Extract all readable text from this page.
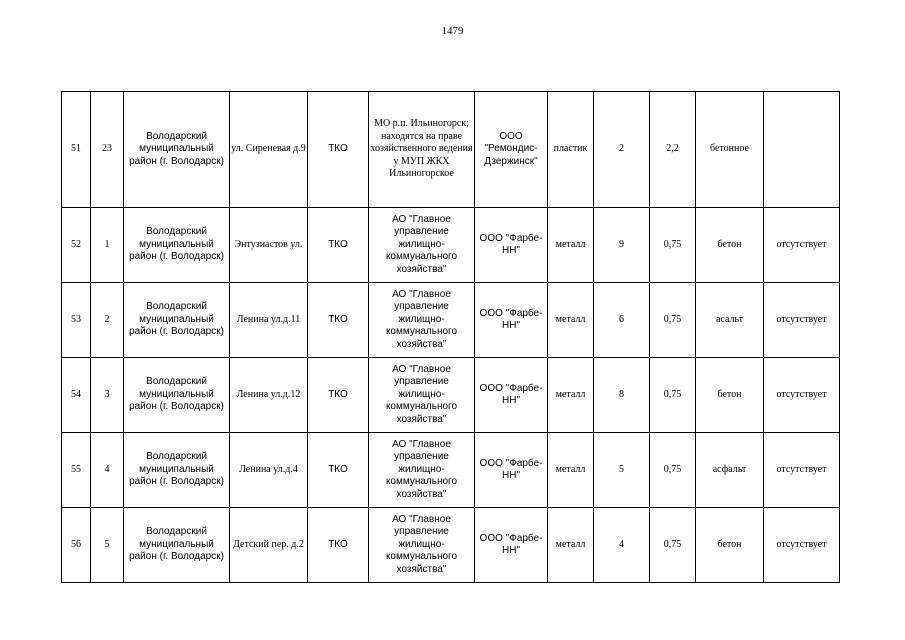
1479
51	23	Володарский муниципальный район (г. Володарск)	ул. Сиреневая д.9	ТКО	МО р.п. Ильиногорск; находятся на праве хозяйственного ведения у МУП ЖКХ Ильиногорское	ООО "Ремондис-Дзержинск"	пластик	2	2,2	бетонное	
52	1	Володарский муниципальный район (г. Володарск)	Энтузиастов ул.	ТКО	АО "Главное управление жилищно-коммунального хозяйства"	ООО "Фарбе-НН"	металл	9	0,75	бетон	отсутствует
53	2	Володарский муниципальный район (г. Володарск)	Ленина ул.д.11	ТКО	АО "Главное управление жилищно-коммунального хозяйства"	ООО "Фарбе-НН"	металл	6	0,75	асальт	отсутствует
54	3	Володарский муниципальный район (г. Володарск)	Ленина ул.д.12	ТКО	АО "Главное управление жилищно-коммунального хозяйства"	ООО "Фарбе-НН"	металл	8	0,75	бетон	отсутствует
55	4	Володарский муниципальный район (г. Володарск)	Ленина ул.д.4	ТКО	АО "Главное управление жилищно-коммунального хозяйства"	ООО "Фарбе-НН"	металл	5	0,75	асфальт	отсутствует
56	5	Володарский муниципальный район (г. Володарск)	Детский пер. д.2	ТКО	АО "Главное управление жилищно-коммунального хозяйства"	ООО "Фарбе-НН"	металл	4	0,75	бетон	отсутствует
